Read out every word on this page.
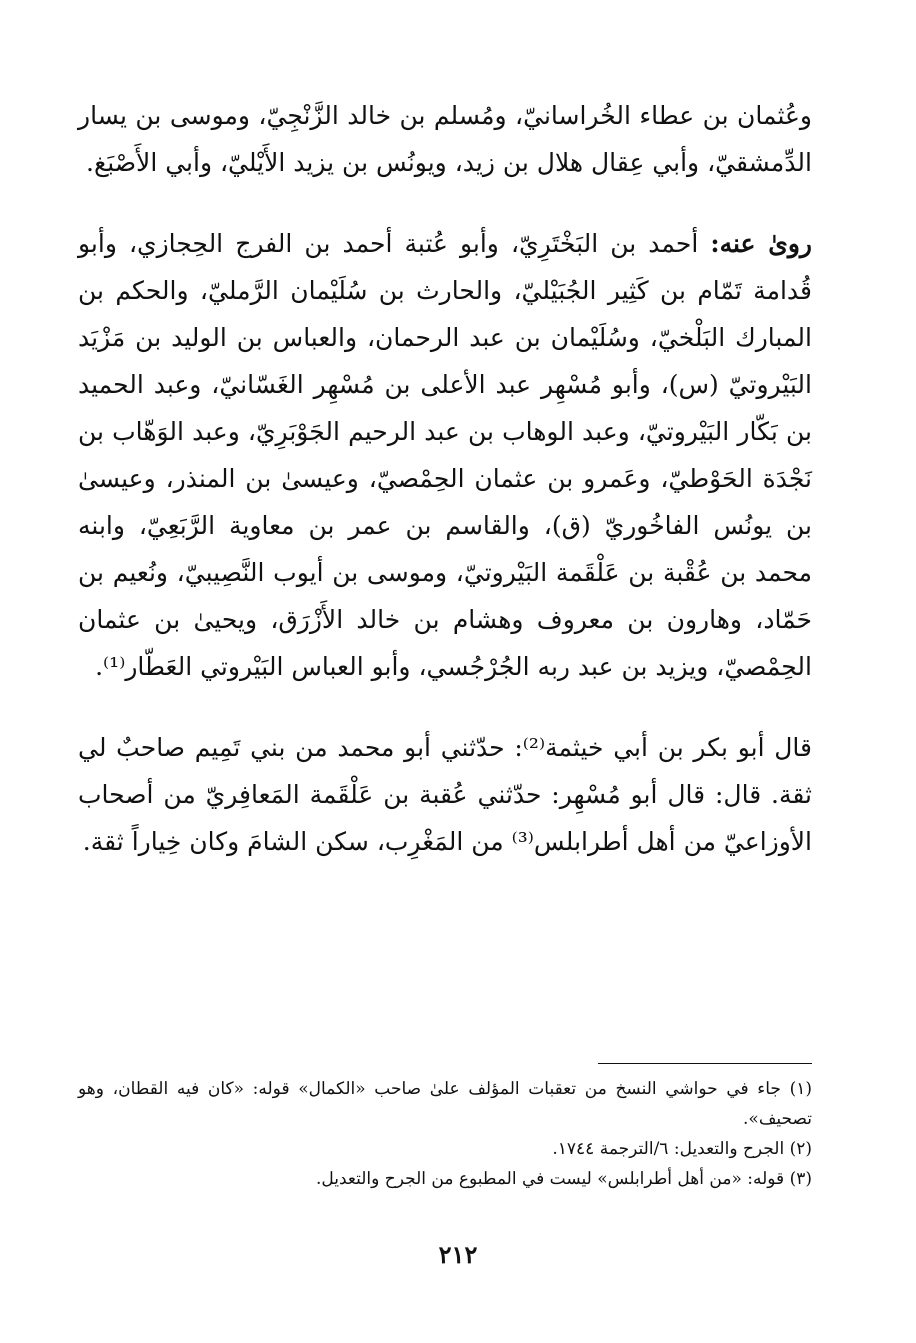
وعُثمان بن عطاء الخُراسانيّ، ومُسلم بن خالد الزَّنْجِيّ، وموسى بن يسار الدِّمشقيّ، وأبي عِقال هلال بن زيد، ويونُس بن يزيد الأَيْليّ، وأبي الأَصْبَغ.

روىٰ عنه: أحمد بن البَخْتَرِيّ، وأبو عُتبة أحمد بن الفرج الحِجازي، وأبو قُدامة تَمّام بن كَثِير الجُبَيْليّ، والحارث بن سُلَيْمان الرَّمليّ، والحكم بن المبارك البَلْخيّ، وسُلَيْمان بن عبد الرحمان، والعباس بن الوليد بن مَزْيَد البَيْروتيّ (س)، وأبو مُسْهِر عبد الأعلى بن مُسْهِر الغَسّانيّ، وعبد الحميد بن بَكّار البَيْروتيّ، وعبد الوهاب بن عبد الرحيم الجَوْبَرِيّ، وعبد الوَهّاب بن نَجْدَة الحَوْطيّ، وعَمرو بن عثمان الحِمْصيّ، وعيسىٰ بن المنذر، وعيسىٰ بن يونُس الفاخُوريّ (ق)، والقاسم بن عمر بن معاوية الرَّبَعِيّ، وابنه محمد بن عُقْبة بن عَلْقَمة البَيْروتيّ، وموسى بن أيوب النَّصِيبيّ، ونُعيم بن حَمّاد، وهارون بن معروف وهشام بن خالد الأَزْرَق، ويحيىٰ بن عثمان الحِمْصيّ، ويزيد بن عبد ربه الجُرْجُسي، وأبو العباس البَيْروتي العَطّار⁽¹⁾.

قال أبو بكر بن أبي خيثمة⁽²⁾: حدّثني أبو محمد من بني تَمِيم صاحبٌ لي ثقة. قال: قال أبو مُسْهِر: حدّثني عُقبة بن عَلْقَمة المَعافِريّ من أصحاب الأوزاعيّ من أهل أطرابلس⁽³⁾ من المَغْرِب، سكن الشامَ وكان خِياراً ثقة.

(١) جاء في حواشي النسخ من تعقبات المؤلف علىٰ صاحب «الكمال» قوله: «كان فيه القطان، وهو تصحيف».

(٢) الجرح والتعديل: ٦/الترجمة ١٧٤٤.

(٣) قوله: «من أهل أطرابلس» ليست في المطبوع من الجرح والتعديل.

٢١٢
